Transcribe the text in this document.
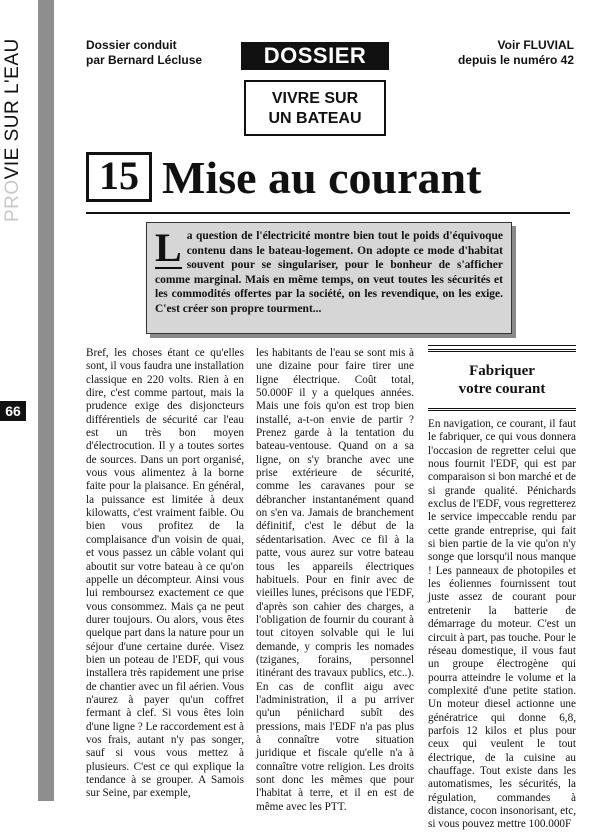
PROVIE SUR L'EAU
66
Dossier conduit
par Bernard Lécluse	DOSSIER
VIVRE SUR
UN BATEAU
Voir FLUVIAL
depuis le numéro 42
15 Mise au courant
L a question de l'électricité montre bien tout le poids d'équivoque contenu dans le bateau-logement. On adopte ce mode d'habitat souvent pour se singulariser, pour le bonheur de s'afficher comme marginal. Mais en même temps, on veut toutes les sécurités et les commodités offertes par la société, on les revendique, on les exige. C'est créer son propre tourment...
Bref, les choses étant ce qu'elles sont, il vous faudra une installation classique en 220 volts. Rien à en dire, c'est comme partout, mais la prudence exige des disjoncteurs différentiels de sécurité car l'eau est un très bon moyen d'électrocution. Il y a toutes sortes de sources. Dans un port organisé, vous vous alimentez à la borne faite pour la plaisance. En général, la puissance est limitée à deux kilowatts, c'est vraiment faible. Ou bien vous profitez de la complaisance d'un voisin de quai, et vous passez un câble volant qui aboutit sur votre bateau à ce qu'on appelle un décompteur. Ainsi vous lui remboursez exactement ce que vous consommez. Mais ça ne peut durer toujours. Ou alors, vous êtes quelque part dans la nature pour un séjour d'une certaine durée. Visez bien un poteau de l'EDF, qui vous installera très rapidement une prise de chantier avec un fil aérien. Vous n'aurez à payer qu'un coffret fermant à clef. Si vous êtes loin d'une ligne ? Le raccordement est à vos frais, autant n'y pas songer, sauf si vous vous mettez à plusieurs. C'est ce qui explique la tendance à se grouper. A Samois sur Seine, par exemple,
les habitants de l'eau se sont mis à une dizaine pour faire tirer une ligne électrique. Coût total, 50.000F il y a quelques années. Mais une fois qu'on est trop bien installé, a-t-on envie de partir ? Prenez garde à la tentation du bateau-ventouse. Quand on a sa ligne, on s'y branche avec une prise extérieure de sécurité, comme les caravanes pour se débrancher instantanément quand on s'en va. Jamais de branchement définitif, c'est le début de la sédentarisation. Avec ce fil à la patte, vous aurez sur votre bateau tous les appareils électriques habituels. Pour en finir avec de vieilles lunes, précisons que l'EDF, d'après son cahier des charges, a l'obligation de fournir du courant à tout citoyen solvable qui le lui demande, y compris les nomades (tziganes, forains, personnel itinérant des travaux publics, etc..). En cas de conflit aigu avec l'administration, il a pu arriver qu'un péniichard subît des pressions, mais l'EDF n'a pas plus à connaître votre situation juridique et fiscale qu'elle n'a à connaître votre religion. Les droits sont donc les mêmes que pour l'habitat à terre, et il en est de même avec les PTT.
Fabriquer
votre courant
En navigation, ce courant, il faut le fabriquer, ce qui vous donnera l'occasion de regretter celui que nous fournit l'EDF, qui est par comparaison si bon marché et de si grande qualité. Pénichards exclus de l'EDF, vous regretterez le service impeccable rendu par cette grande entreprise, qui fait si bien partie de la vie qu'on n'y songe que lorsqu'il nous manque ! Les panneaux de photopiles et les éoliennes fournissent tout juste assez de courant pour entretenir la batterie de démarrage du moteur. C'est un circuit à part, pas touche. Pour le réseau domestique, il vous faut un groupe électrogène qui pourra atteindre le volume et la complexité d'une petite station. Un moteur diesel actionne une génératrice qui donne 6,8, parfois 12 kilos et plus pour ceux qui veulent le tout électrique, de la cuisine au chauffage. Tout existe dans les automatismes, les sécurités, la régulation, commandes à distance, cocon insonorisant, etc, si vous pouvez mettre 100.000F
